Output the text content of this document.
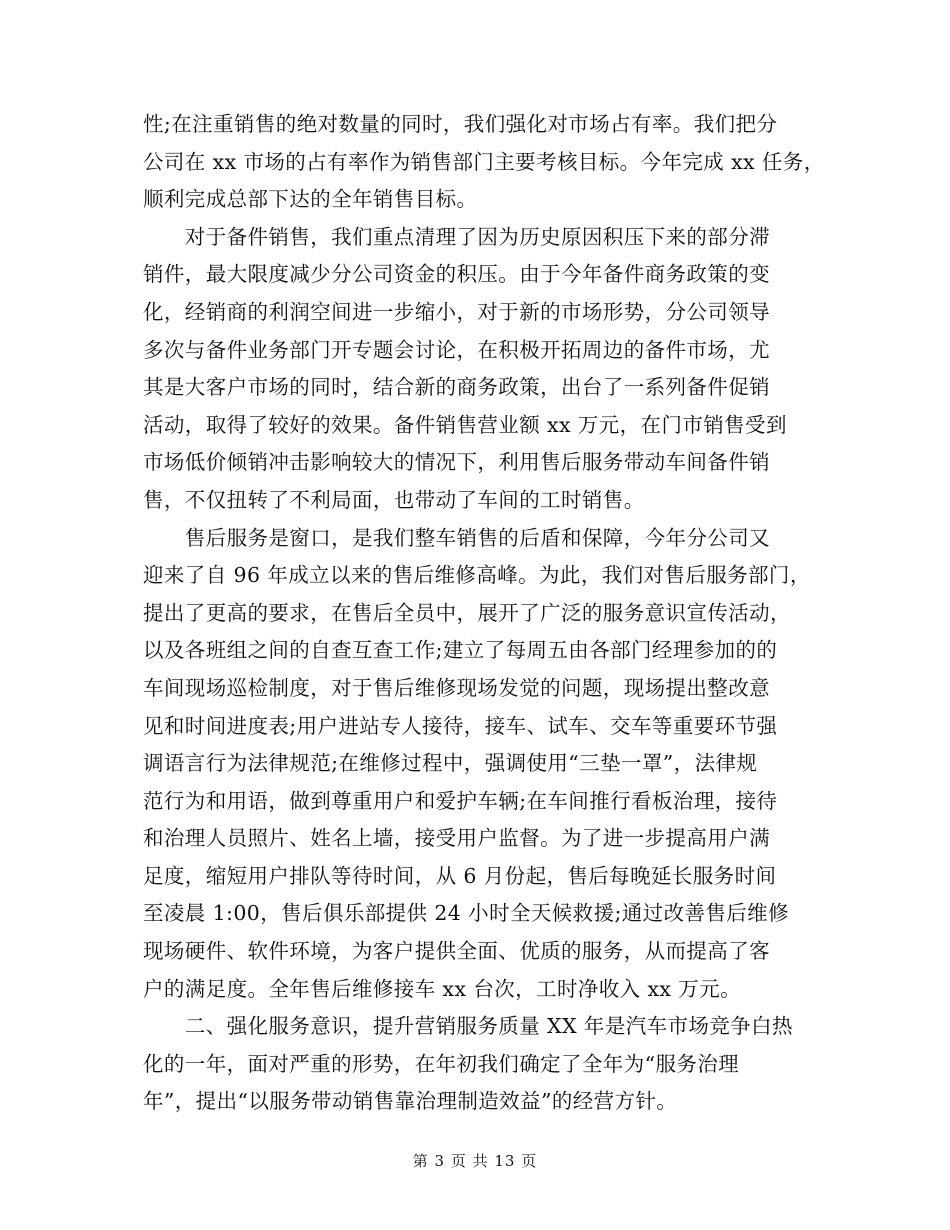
性;在注重销售的绝对数量的同时，我们强化对市场占有率。我们把分
公司在 xx 市场的占有率作为销售部门主要考核目标。今年完成 xx 任务，
顺利完成总部下达的全年销售目标。
　　对于备件销售，我们重点清理了因为历史原因积压下来的部分滞
销件，最大限度减少分公司资金的积压。由于今年备件商务政策的变
化，经销商的利润空间进一步缩小，对于新的市场形势，分公司领导
多次与备件业务部门开专题会讨论，在积极开拓周边的备件市场，尤
其是大客户市场的同时，结合新的商务政策，出台了一系列备件促销
活动，取得了较好的效果。备件销售营业额 xx 万元，在门市销售受到
市场低价倾销冲击影响较大的情况下，利用售后服务带动车间备件销
售，不仅扭转了不利局面，也带动了车间的工时销售。
　　售后服务是窗口，是我们整车销售的后盾和保障，今年分公司又
迎来了自 96 年成立以来的售后维修高峰。为此，我们对售后服务部门，
提出了更高的要求，在售后全员中，展开了广泛的服务意识宣传活动，
以及各班组之间的自查互查工作;建立了每周五由各部门经理参加的的
车间现场巡检制度，对于售后维修现场发觉的问题，现场提出整改意
见和时间进度表;用户进站专人接待，接车、试车、交车等重要环节强
调语言行为法律规范;在维修过程中，强调使用“三垫一罩”，法律规
范行为和用语，做到尊重用户和爱护车辆;在车间推行看板治理，接待
和治理人员照片、姓名上墙，接受用户监督。为了进一步提高用户满
足度，缩短用户排队等待时间，从 6 月份起，售后每晚延长服务时间
至凌晨 1:00，售后俱乐部提供 24 小时全天候救援;通过改善售后维修
现场硬件、软件环境，为客户提供全面、优质的服务，从而提高了客
户的满足度。全年售后维修接车 xx 台次，工时净收入 xx 万元。
　　二、强化服务意识，提升营销服务质量 XX 年是汽车市场竞争白热
化的一年，面对严重的形势，在年初我们确定了全年为“服务治理
年”，提出“以服务带动销售靠治理制造效益”的经营方针。
第 3 页 共 13 页
